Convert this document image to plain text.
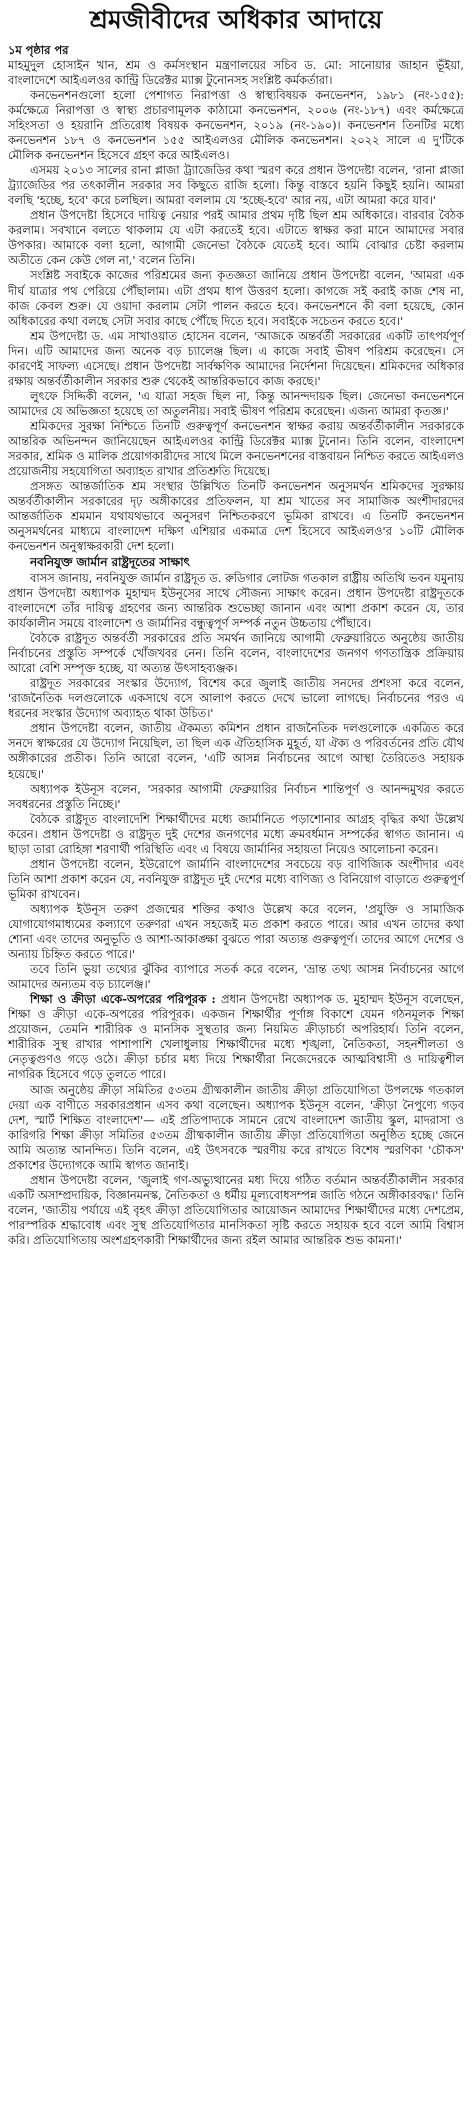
শ্রমজীবীদের অধিকার আদায়ে
১ম পৃষ্ঠার পর

মাহমুদুল হোসাইন খান, শ্রম ও কর্মসংস্থান মন্ত্রণালয়ের সচিব ড. মো: সানোয়ার জাহান ভূঁইয়া, বাংলাদেশে আইএলওর কান্ট্রি ডিরেক্টর ম্যাক্স টুনোনসহ সংশ্লিষ্ট কর্মকর্তারা।

কনভেনশনগুলো হলো পেশাগত নিরাপত্তা ও স্বাস্থ্যবিষয়ক কনভেনশন, ১৯৮১ (নং-১৫৫): কর্মক্ষেত্রে নিরাপত্তা ও স্বাস্থ্য প্রচারণামূলক কাঠামো কনভেনশন, ২০০৬ (নং-১৮৭) এবং কর্মক্ষেত্রে সহিংসতা ও হয়রানি প্রতিরোধ বিষয়ক কনভেনশন, ২০১৯ (নং-১৯০)। কনভেনশন তিনটির মধ্যে কনভেনশন ১৮৭ ও কনভেনশন ১৫৫ আইএলওর মৌলিক কনভেনশন। ২০২২ সালে এ দু'টিকে মৌলিক কনভেনশন হিসেবে গ্রহণ করে আইএলও।

এসময় ২০১৩ সালের রানা প্লাজা ট্র্যাজেডির কথা স্মরণ করে প্রধান উপদেষ্টা বলেন, 'রানা প্লাজা ট্র্যাজেডির পর তৎকালীন সরকার সব কিছুতে রাজি হলো। কিন্তু বাস্তবে হয়নি কিছুই হয়নি। আমরা বলছি 'হচ্ছে, হবে' করে চলছিল। আমরা বললাম যে 'হচ্ছে-হবে' আর নয়, এটা আমরা করে যাব।'

প্রধান উপদেষ্টা হিসেবে দায়িত্ব নেয়ার পরই আমার প্রথম দৃষ্টি ছিল শ্রম অধিকারে। বারবার বৈঠক করলাম। সবখানে বলতে থাকলাম যে এটা করতেই হবে। এটাতে স্বাক্ষর করা মানে আমাদের সবার উপকার। আমাকে বলা হলো, আগামী জেনেভা বৈঠকে যেতেই হবে। আমি বোঝার চেষ্টা করলাম অতীতে কেন কেউ গেল না,' বলেন তিনি।

সংশ্লিষ্ট সবাইকে কাজের পরিশ্রমের জন্য কৃতজ্ঞতা জানিয়ে প্রধান উপদেষ্টা বলেন, 'আমরা এক দীর্ঘ যাত্রার পথ পেরিয়ে পৌঁছালাম। এটা প্রথম ধাপ উত্তরণ হলো। কাগজে সই করাই কাজ শেষ না, কাজ কেবল শুরু। যে ওয়াদা করলাম সেটা পালন করতে হবে। কনভেনশনে কী বলা হয়েছে, কোন অধিকারের কথা বলছে সেটা সবার কাছে পৌঁছে দিতে হবে। সবাইকে সচেতন করতে হবে।'

শ্রম উপদেষ্টা ড. এম সাখাওয়াত হোসেন বলেন, 'আজকে অন্তর্বর্তী সরকারের একটি তাৎপর্যপূর্ণ দিন। এটি আমাদের জন্য অনেক বড় চ্যালেঞ্জ ছিল। এ কাজে সবাই ভীষণ পরিশ্রম করেছেন। সে কারণেই সাফল্য এসেছে। প্রধান উপদেষ্টা সার্বক্ষণিক আমাদের নির্দেশনা দিয়েছেন। শ্রমিকদের অধিকার রক্ষায় অন্তর্বর্তীকালীন সরকার শুরু থেকেই আন্তরিকভাবে কাজ করছে।'

লুৎফে সিদ্দিকী বলেন, 'এ যাত্রা সহজ ছিল না, কিন্তু আনন্দদায়ক ছিল। জেনেভা কনভেনশনে আমাদের যে অভিজ্ঞতা হয়েছে তা অতুলনীয়। সবাই ভীষণ পরিশ্রম করেছেন। এজন্য আমরা কৃতজ্ঞ।'

শ্রমিকদের সুরক্ষা নিশ্চিতে তিনটি গুরুত্বপূর্ণ কনভেনশন স্বাক্ষর করায় অন্তর্বর্তীকালীন সরকারকে আন্তরিক অভিনন্দন জানিয়েছেন আইএলওর কান্ট্রি ডিরেক্টর ম্যাক্স টুনোন। তিনি বলেন, বাংলাদেশ সরকার, শ্রমিক ও মালিক প্রয়োগকারীদের সাথে মিলে কনভেনশনের বাস্তবায়ন নিশ্চিত করতে আইএলও প্রয়োজনীয় সহযোগিতা অব্যাহত রাখার প্রতিশ্রুতি দিয়েছে।

প্রসঙ্গত আন্তর্জাতিক শ্রম সংস্থার উল্লিখিত তিনটি কনভেনশন অনুসমর্থন শ্রমিকদের সুরক্ষায় অন্তর্বর্তীকালীন সরকারের দৃঢ় অঙ্গীকারের প্রতিফলন, যা শ্রম খাতের সব সামাজিক অংশীদারদের আন্তর্জাতিক শ্রমমান যথাযথভাবে অনুসরণ নিশ্চিতকরণে ভূমিকা রাখবে। এ তিনটি কনভেনশন অনুসমর্থনের মাধ্যমে বাংলাদেশ দক্ষিণ এশিয়ার একমাত্র দেশ হিসেবে আইএলও'র ১০টি মৌলিক কনভেনশন অনুস্বাক্ষরকারী দেশ হলো।

নবনিযুক্ত জার্মান রাষ্ট্রদূতের সাক্ষাৎ

বাসস জানায়, নবনিযুক্ত জার্মান রাষ্ট্রদূত ড. রুডিগার লোটজ গতকাল রাষ্ট্রীয় অতিথি ভবন যমুনায় প্রধান উপদেষ্টা অধ্যাপক মুহাম্মদ ইউনূসের সাথে সৌজন্য সাক্ষাৎ করেন। প্রধান উপদেষ্টা রাষ্ট্রদূতকে বাংলাদেশে তাঁর দায়িত্ব গ্রহণের জন্য আন্তরিক শুভেচ্ছা জানান এবং আশা প্রকাশ করেন যে, তার কার্যকালীন সময়ে বাংলাদেশ ও জার্মানির বন্ধুত্বপূর্ণ সম্পর্ক নতুন উচ্চতায় পৌঁছাবে।

বৈঠকে রাষ্ট্রদূত অন্তর্বর্তী সরকারের প্রতি সমর্থন জানিয়ে আগামী ফেব্রুয়ারিতে অনুষ্ঠেয় জাতীয় নির্বাচনের প্রস্তুতি সম্পর্কে খোঁজখবর নেন। তিনি বলেন, বাংলাদেশের জনগণ গণতান্ত্রিক প্রক্রিয়ায় আরো বেশি সম্পৃক্ত হচ্ছে, যা অত্যন্ত উৎসাহব্যঞ্জক।

রাষ্ট্রদূত সরকারের সংস্কার উদ্যোগ, বিশেষ করে জুলাই জাতীয় সনদের প্রশংসা করে বলেন, 'রাজনৈতিক দলগুলোকে একসাথে বসে আলাপ করতে দেখে ভালো লাগছে। নির্বাচনের পরও এ ধরনের সংস্কার উদ্যোগ অব্যাহত থাকা উচিত।'

প্রধান উপদেষ্টা বলেন, জাতীয় ঐকমত্য কমিশন প্রধান রাজনৈতিক দলগুলোকে একত্রিত করে সনদে স্বাক্ষরের যে উদ্যোগ নিয়েছিল, তা ছিল এক ঐতিহাসিক মুহূর্ত, যা ঐক্য ও পরিবর্তনের প্রতি যৌথ অঙ্গীকারের প্রতীক। তিনি আরো বলেন, 'এটি আসন্ন নির্বাচনের আগে আস্থা তৈরিতেও সহায়ক হয়েছে।'

অধ্যাপক ইউনূস বলেন, 'সরকার আগামী ফেব্রুয়ারির নির্বাচন শান্তিপূর্ণ ও আনন্দমুখর করতে সবধরনের প্রস্তুতি নিচ্ছে।'

বৈঠকে রাষ্ট্রদূত বাংলাদেশি শিক্ষার্থীদের মধ্যে জার্মানিতে পড়াশোনার আগ্রহ বৃদ্ধির কথা উল্লেখ করেন। প্রধান উপদেষ্টা ও রাষ্ট্রদূত দুই দেশের জনগণের মধ্যে ক্রমবর্ধমান সম্পর্কের স্বাগত জানান। এ ছাড়া তারা রোহিঙ্গা শরণার্থী পরিস্থিতি এবং এ বিষয়ে জার্মানির সহায়তা নিয়েও আলোচনা করেন।

প্রধান উপদেষ্টা বলেন, ইউরোপে জার্মানি বাংলাদেশের সবচেয়ে বড় বাণিজ্যিক অংশীদার এবং তিনি আশা প্রকাশ করেন যে, নবনিযুক্ত রাষ্ট্রদূত দুই দেশের মধ্যে বাণিজ্য ও বিনিয়োগ বাড়াতে গুরুত্বপূর্ণ ভূমিকা রাখবেন।

অধ্যাপক ইউনূস তরুণ প্রজন্মের শক্তির কথাও উল্লেখ করে বলেন, 'প্রযুক্তি ও সামাজিক যোগাযোগমাধ্যমের কল্যাণে তরুণরা এখন সহজেই মত প্রকাশ করতে পারে। আর এখন তাদের কথা শোনা এবং তাদের অনুভূতি ও আশা-আকাঙ্ক্ষা বুঝতে পারা অত্যন্ত গুরুত্বপূর্ণ। তাদের আগে দেশের ও অন্যায় চিহ্নিত করতে পারে।'

তবে তিনি ভুয়া তথ্যের ঝুঁকির ব্যাপারে সতর্ক করে বলেন, 'ভ্রান্ত তথ্য আসন্ন নির্বাচনের আগে আমাদের অন্যতম বড় চ্যালেঞ্জ।'

শিক্ষা ও ক্রীড়া একে-অপরের পরিপূরক : প্রধান উপদেষ্টা অধ্যাপক ড. মুহাম্মদ ইউনূস বলেছেন, শিক্ষা ও ক্রীড়া একে-অপরের পরিপূরক। একজন শিক্ষার্থীর পূর্ণাঙ্গ বিকাশে যেমন গঠনমূলক শিক্ষা প্রয়োজন, তেমনি শারীরিক ও মানসিক সুস্থতার জন্য নিয়মিত ক্রীড়াচর্চা অপরিহার্য। তিনি বলেন, শারীরিক সুস্থ রাখার পাশাপাশি খেলাধুলায় শিক্ষার্থীদের মধ্যে শৃঙ্খলা, নৈতিকতা, সহনশীলতা ও নেতৃত্বগুণও গড়ে ওঠে। ক্রীড়া চর্চার মধ্য দিয়ে শিক্ষার্থীরা নিজেদেরকে আত্মবিশ্বাসী ও দায়িত্বশীল নাগরিক হিসেবে গড়ে তুলতে পারে।

আজ অনুষ্ঠেয় ক্রীড়া সমিতির ৫৩তম গ্রীষ্মকালীন জাতীয় ক্রীড়া প্রতিযোগিতা উপলক্ষে গতকাল দেয়া এক বাণীতে সরকারপ্রধান এসব কথা বলেছেন। অধ্যাপক ইউনূস বলেন, 'ক্রীড়া নৈপুণ্যে গড়ব দেশ, স্মার্ট শিক্ষিত বাংলাদেশ'— এই প্রতিপাদ্যকে সামনে রেখে বাংলাদেশ জাতীয় স্কুল, মাদরাসা ও কারিগরি শিক্ষা ক্রীড়া সমিতির ৫৩তম গ্রীষ্মকালীন জাতীয় ক্রীড়া প্রতিযোগিতা অনুষ্ঠিত হচ্ছে জেনে আমি অত্যন্ত আনন্দিত। তিনি বলেন, এই উৎসবকে স্মরণীয় করে রাখতে বিশেষ স্মরণিকা 'চৌকস' প্রকাশের উদ্যোগকে আমি স্বাগত জানাই।

প্রধান উপদেষ্টা বলেন, 'জুলাই গণ-অভ্যুত্থানের মধ্য দিয়ে গঠিত বর্তমান অন্তর্বর্তীকালীন সরকার একটি অসাম্প্রদায়িক, বিজ্ঞানমনস্ক, নৈতিকতা ও ধর্মীয় মূল্যবোধসম্পন্ন জাতি গঠনে অঙ্গীকারবদ্ধ।' তিনি বলেন, 'জাতীয় পর্যায়ে এই বৃহৎ ক্রীড়া প্রতিযোগিতার আয়োজন আমাদের শিক্ষার্থীদের মধ্যে দেশপ্রেম, পারস্পরিক শ্রদ্ধাবোধ এবং সুস্থ প্রতিযোগিতার মানসিকতা সৃষ্টি করতে সহায়ক হবে বলে আমি বিশ্বাস করি। প্রতিযোগিতায় অংশগ্রহণকারী শিক্ষার্থীদের জন্য রইল আমার আন্তরিক শুভ কামনা।'
